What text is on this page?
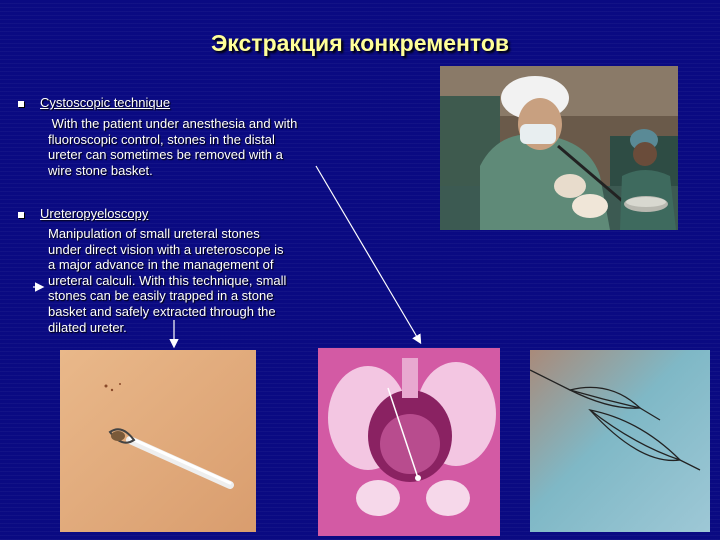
Экстракция конкрементов
Cystoscopic technique
With the patient under anesthesia and with
fluoroscopic control, stones in the distal
ureter can sometimes be removed with a
wire stone basket.
Ureteropyeloscopy
Manipulation of small ureteral stones
under direct vision with a ureteroscope is
a major advance in the management of
ureteral calculi. With this technique, small
stones can be easily trapped in a stone
basket and safely extracted through the
dilated ureter.
